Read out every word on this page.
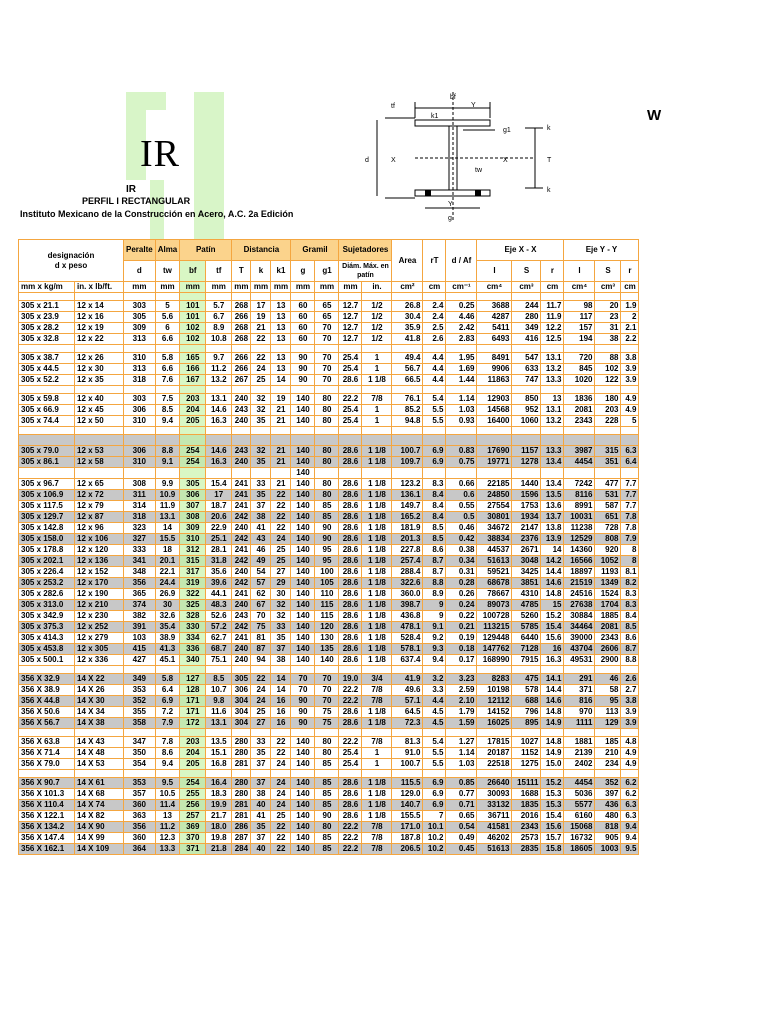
IR
IR
PERFIL I RECTANGULAR
Instituto Mexicano de la Construcción en Acero, A.C. 2a Edición
W
bf
Y
tf
k1
g1	k
d	X	X	T
tw
k
Y
g
designación
d x peso		Peralte	Alma	Patín		Distancia			Gramil		Sujetadores		Area	rT	d / Af	Eje X - X			Eje Y - Y		
		d	tw	bf	tf	T	k	k1	g	g1	Diám. Máx. en patín					I	S	r	I	S	r
mm x kg/m	in. x lb/ft.	mm	mm	mm	mm	mm	mm	mm	mm	mm	mm	in.	cm²	cm	cm⁻¹	cm⁴	cm³	cm	cm⁴	cm³	cm

305 x 21.1	12 x 14	303	5	101	5.7	268	17	13	60	65	12.7	1/2	26.8	2.4	0.25	3688	244	11.7	98	20	1.9
305 x 23.9	12 x 16	305	5.6	101	6.7	266	19	13	60	65	12.7	1/2	30.4	2.4	4.46	4287	280	11.9	117	23	2
305 x 28.2	12 x 19	309	6	102	8.9	268	21	13	60	70	12.7	1/2	35.9	2.5	2.42	5411	349	12.2	157	31	2.1
305 x 32.8	12 x 22	313	6.6	102	10.8	268	22	13	60	70	12.7	1/2	41.8	2.6	2.83	6493	416	12.5	194	38	2.2

305 x 38.7	12 x 26	310	5.8	165	9.7	266	22	13	90	70	25.4	1	49.4	4.4	1.95	8491	547	13.1	720	88	3.8
305 x 44.5	12 x 30	313	6.6	166	11.2	266	24	13	90	70	25.4	1	56.7	4.4	1.69	9906	633	13.2	845	102	3.9
305 x 52.2	12 x 35	318	7.6	167	13.2	267	25	14	90	70	28.6	1 1/8	66.5	4.4	1.44	11863	747	13.3	1020	122	3.9

305 x 59.8	12 x 40	303	7.5	203	13.1	240	32	19	140	80	22.2	7/8	76.1	5.4	1.14	12903	850	13	1836	180	4.9
305 x 66.9	12 x 45	306	8.5	204	14.6	243	32	21	140	80	25.4	1	85.2	5.5	1.03	14568	952	13.1	2081	203	4.9
305 x 74.4	12 x 50	310	9.4	205	16.3	240	35	21	140	80	25.4	1	94.8	5.5	0.93	16400	1060	13.2	2343	228	5

305 x 79.0	12 x 53	306	8.8	254	14.6	243	32	21	140	80	28.6	1 1/8	100.7	6.9	0.83	17690	1157	13.3	3987	315	6.3
305 x 86.1	12 x 58	310	9.1	254	16.3	240	35	21	140	80	28.6	1 1/8	109.7	6.9	0.75	19771	1278	13.4	4454	351	6.4
									140												
305 x 96.7	12 x 65	308	9.9	305	15.4	241	33	21	140	80	28.6	1 1/8	123.2	8.3	0.66	22185	1440	13.4	7242	477	7.7
305 x 106.9	12 x 72	311	10.9	306	17	241	35	22	140	80	28.6	1 1/8	136.1	8.4	0.6	24850	1596	13.5	8116	531	7.7
305 x 117.5	12 x 79	314	11.9	307	18.7	241	37	22	140	85	28.6	1 1/8	149.7	8.4	0.55	27554	1753	13.6	8991	587	7.7
305 x 129.7	12 x 87	318	13.1	308	20.6	242	38	22	140	85	28.6	1 1/8	165.2	8.4	0.5	30801	1934	13.7	10031	651	7.8
305 x 142.8	12 x 96	323	14	309	22.9	240	41	22	140	90	28.6	1 1/8	181.9	8.5	0.46	34672	2147	13.8	11238	728	7.8
305 x 158.0	12 x 106	327	15.5	310	25.1	242	43	24	140	90	28.6	1 1/8	201.3	8.5	0.42	38834	2376	13.9	12529	808	7.9
305 x 178.8	12 x 120	333	18	312	28.1	241	46	25	140	95	28.6	1 1/8	227.8	8.6	0.38	44537	2671	14	14360	920	8
305 x 202.1	12 x 136	341	20.1	315	31.8	242	49	25	140	95	28.6	1 1/8	257.4	8.7	0.34	51613	3048	14.2	16566	1052	8
305 x 226.4	12 x 152	348	22.1	317	35.6	240	54	27	140	100	28.6	1 1/8	288.4	8.7	0.31	59521	3425	14.4	18897	1193	8.1
305 x 253.2	12 x 170	356	24.4	319	39.6	242	57	29	140	105	28.6	1 1/8	322.6	8.8	0.28	68678	3851	14.6	21519	1349	8.2
305 x 282.6	12 x 190	365	26.9	322	44.1	241	62	30	140	110	28.6	1 1/8	360.0	8.9	0.26	78667	4310	14.8	24516	1524	8.3
305 x 313.0	12 x 210	374	30	325	48.3	240	67	32	140	115	28.6	1 1/8	398.7	9	0.24	89073	4785	15	27638	1704	8.3
305 x 342.9	12 x 230	382	32.6	328	52.6	243	70	32	140	115	28.6	1 1/8	436.8	9	0.22	100728	5260	15.2	30884	1885	8.4
305 x 375.3	12 x 252	391	35.4	330	57.2	242	75	33	140	120	28.6	1 1/8	478.1	9.1	0.21	113215	5785	15.4	34464	2081	8.5
305 x 414.3	12 x 279	103	38.9	334	62.7	241	81	35	140	130	28.6	1 1/8	528.4	9.2	0.19	129448	6440	15.6	39000	2343	8.6
305 x 453.8	12 x 305	415	41.3	336	68.7	240	87	37	140	135	28.6	1 1/8	578.1	9.3	0.18	147762	7128	16	43704	2606	8.7
305 x 500.1	12 x 336	427	45.1	340	75.1	240	94	38	140	140	28.6	1 1/8	637.4	9.4	0.17	168990	7915	16.3	49531	2900	8.8

356 X 32.9	14 X 22	349	5.8	127	8.5	305	22	14	70	70	19.0	3/4	41.9	3.2	3.23	8283	475	14.1	291	46	2.6
356 X 38.9	14 X 26	353	6.4	128	10.7	306	24	14	70	70	22.2	7/8	49.6	3.3	2.59	10198	578	14.4	371	58	2.7
356 X 44.8	14 X 30	352	6.9	171	9.8	304	24	16	90	70	22.2	7/8	57.1	4.4	2.10	12112	688	14.6	816	95	3.8
356 X 50.6	14 X 34	355	7.2	171	11.6	304	25	16	90	75	28.6	1 1/8	64.5	4.5	1.79	14152	796	14.8	970	113	3.9
356 X 56.7	14 X 38	358	7.9	172	13.1	304	27	16	90	75	28.6	1 1/8	72.3	4.5	1.59	16025	895	14.9	1111	129	3.9

356 X 63.8	14 X 43	347	7.8	203	13.5	280	33	22	140	80	22.2	7/8	81.3	5.4	1.27	17815	1027	14.8	1881	185	4.8
356 X 71.4	14 X 48	350	8.6	204	15.1	280	35	22	140	80	25.4	1	91.0	5.5	1.14	20187	1152	14.9	2139	210	4.9
356 X 79.0	14 X 53	354	9.4	205	16.8	281	37	24	140	85	25.4	1	100.7	5.5	1.03	22518	1275	15.0	2402	234	4.9

356 X 90.7	14 X 61	353	9.5	254	16.4	280	37	24	140	85	28.6	1 1/8	115.5	6.9	0.85	26640	15111	15.2	4454	352	6.2
356 X 101.3	14 X 68	357	10.5	255	18.3	280	38	24	140	85	28.6	1 1/8	129.0	6.9	0.77	30093	1688	15.3	5036	397	6.2
356 X 110.4	14 X 74	360	11.4	256	19.9	281	40	24	140	85	28.6	1 1/8	140.7	6.9	0.71	33132	1835	15.3	5577	436	6.3
356 X 122.1	14 X 82	363	13	257	21.7	281	41	25	140	90	28.6	1 1/8	155.5	7	0.65	36711	2016	15.4	6160	480	6.3
356 X 134.2	14 X 90	356	11.2	369	18.0	286	35	22	140	80	22.2	7/8	171.0	10.1	0.54	41581	2343	15.6	15068	818	9.4
356 X 147.4	14 X 99	360	12.3	370	19.8	287	37	22	140	85	22.2	7/8	187.8	10.2	0.49	46202	2573	15.7	16732	905	9.4
356 X 162.1	14 X 109	364	13.3	371	21.8	284	40	22	140	85	22.2	7/8	206.5	10.2	0.45	51613	2835	15.8	18605	1003	9.5
